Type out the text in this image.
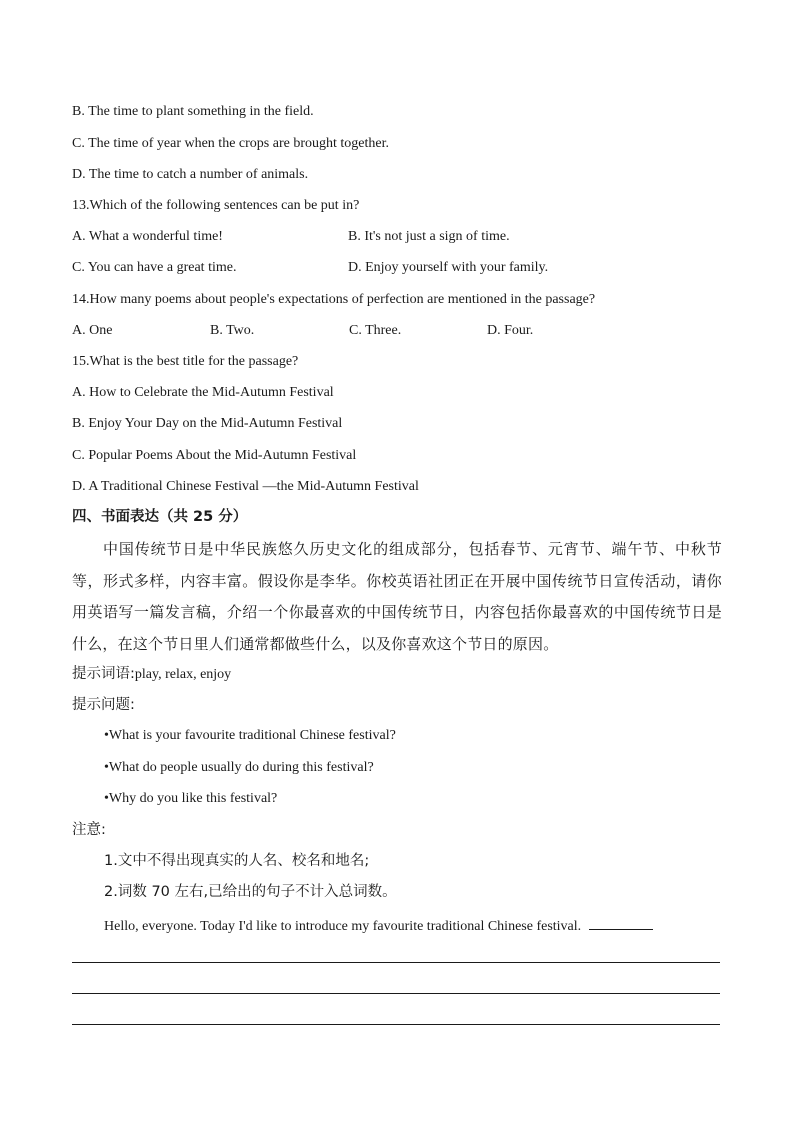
B. The time to plant something in the field.
C. The time of year when the crops are brought together.
D. The time to catch a number of animals.
13.Which of the following sentences can be put in?
A. What a wonderful time!	B. It's not just a sign of time.
C. You can have a great time.	D. Enjoy yourself with your family.
14.How many poems about people's expectations of perfection are mentioned in the passage?
A. One	B. Two.	C. Three.	D. Four.
15.What is the best title for the passage?
A. How to Celebrate the Mid-Autumn Festival
B. Enjoy Your Day on the Mid-Autumn Festival
C. Popular Poems About the Mid-Autumn Festival
D. A Traditional Chinese Festival —the Mid-Autumn Festival
四、书面表达（共 25 分）
中国传统节日是中华民族悠久历史文化的组成部分，包括春节、元宵节、端午节、中秋节等，形式多样，内容丰富。假设你是李华。你校英语社团正在开展中国传统节日宣传活动，请你用英语写一篇发言稿，介绍一个你最喜欢的中国传统节日，内容包括你最喜欢的中国传统节日是什么，在这个节日里人们通常都做些什么，以及你喜欢这个节日的原因。
提示词语:play, relax, enjoy
提示问题:
•What is your favourite traditional Chinese festival?
•What do people usually do during this festival?
•Why do you like this festival?
注意:
1.文中不得出现真实的人名、校名和地名;
2.词数 70 左右,已给出的句子不计入总词数。
Hello, everyone. Today I'd like to introduce my favourite traditional Chinese festival.
